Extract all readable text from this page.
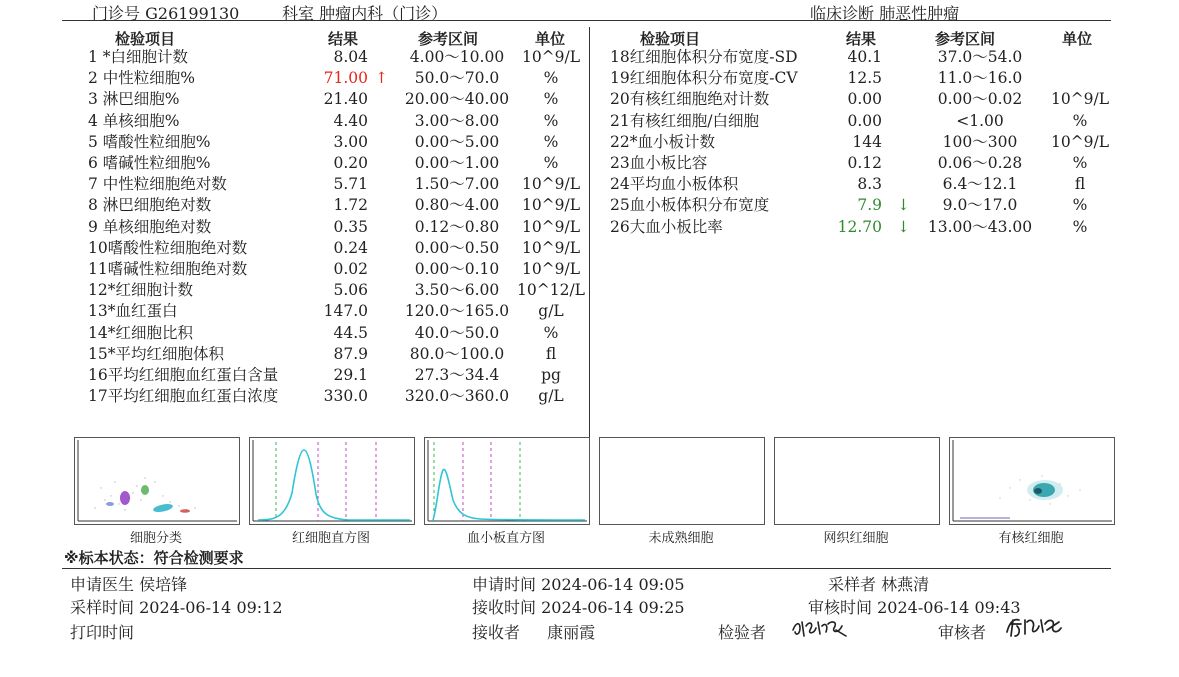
门诊号 G26199130	科室 肿瘤内科（门诊）	临床诊断 肺恶性肿瘤
检验项目	结果	参考区间	单位	检验项目	结果	参考区间	单位
1 *白细胞计数	8.04	4.00～10.00	10^9/L
2 中性粒细胞%	71.00	50.0～70.0	%
↑
3 淋巴细胞%	21.40	20.00～40.00	%
4 单核细胞%	4.40	3.00～8.00	%
5 嗜酸性粒细胞%	3.00	0.00～5.00	%
6 嗜碱性粒细胞%	0.20	0.00～1.00	%
7 中性粒细胞绝对数	5.71	1.50～7.00	10^9/L
8 淋巴细胞绝对数	1.72	0.80～4.00	10^9/L
9 单核细胞绝对数	0.35	0.12～0.80	10^9/L
10嗜酸性粒细胞绝对数	0.24	0.00～0.50	10^9/L
11嗜碱性粒细胞绝对数	0.02	0.00～0.10	10^9/L
12*红细胞计数	5.06	3.50～6.00	10^12/L
13*血红蛋白	147.0	120.0～165.0	g/L
14*红细胞比积	44.5	40.0～50.0	%
15*平均红细胞体积	87.9	80.0～100.0	fl
16平均红细胞血红蛋白含量	29.1	27.3～34.4	pg
17平均红细胞血红蛋白浓度	330.0	320.0～360.0	g/L
18红细胞体积分布宽度-SD	40.1	37.0～54.0
19红细胞体积分布宽度-CV	12.5	11.0～16.0
20有核红细胞绝对计数	0.00	0.00～0.02	10^9/L
21有核红细胞/白细胞	0.00	<1.00	%
22*血小板计数	144	100～300	10^9/L
23血小板比容	0.12	0.06～0.28	%
24平均血小板体积	8.3	6.4～12.1	fl
25血小板体积分布宽度	7.9	9.0～17.0	%
↓
26大血小板比率	12.70	13.00～43.00	%
↓
细胞分类	红细胞直方图	血小板直方图	未成熟细胞	网织红细胞	有核红细胞
※标本状态：符合检测要求
申请医生 侯培锋	申请时间 2024-06-14 09:05	采样者 林燕清
采样时间 2024-06-14 09:12	接收时间 2024-06-14 09:25	审核时间 2024-06-14 09:43
打印时间	接收者 康丽霞	检验者	审核者
